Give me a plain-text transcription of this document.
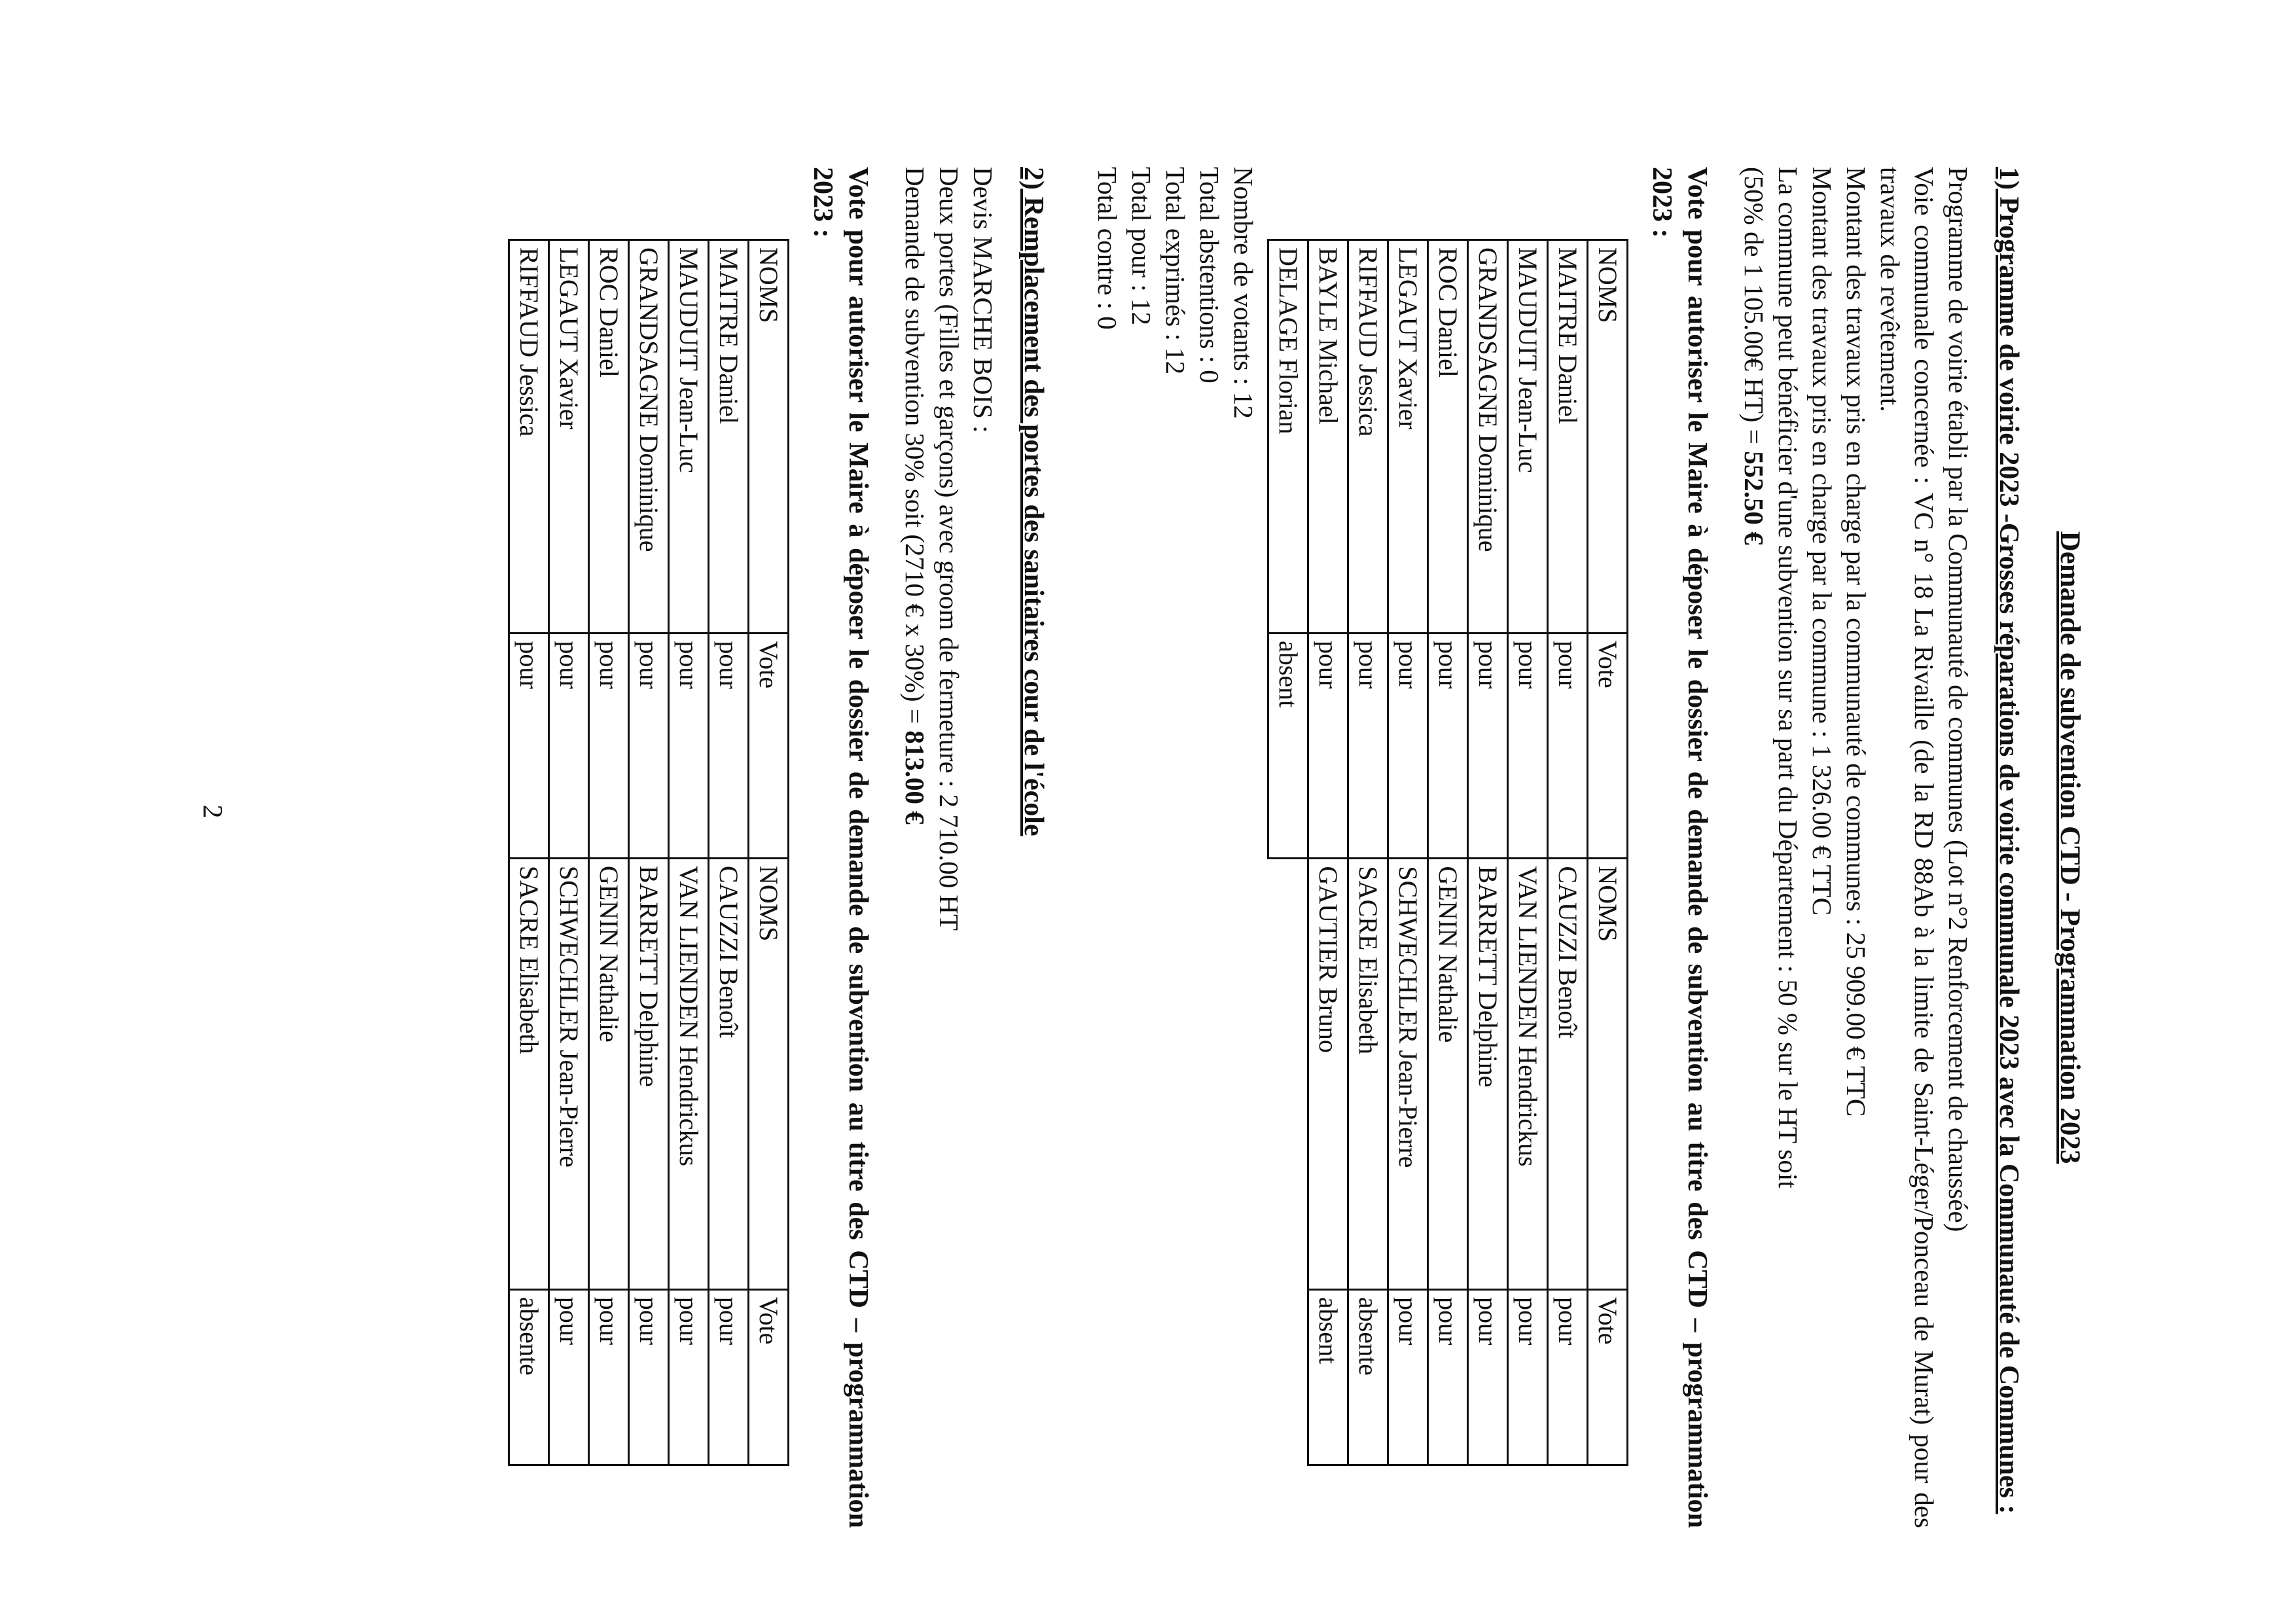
Demande de subvention CTD - Programmation 2023
1) Programme de voirie 2023 -Grosses réparations de voirie communale 2023 avec la Communauté de Communes :

Programme de voirie établi par la Communauté de communes (Lot n°2 Renforcement de chaussée)

Voie communale concernée : VC n° 18 La Rivaille (de la RD 88Ab à la limite de Saint-Léger/Ponceau de Murat) pour des travaux de revêtement.

Montant des travaux pris en charge par la communauté de communes : 25 909.00 € TTC

Montant des travaux pris en charge par la commune : 1 326.00 € TTC

La commune peut bénéficier d'une subvention sur sa part du Département : 50 % sur le HT soit

(50% de 1 105.00€ HT) = 552.50 €

Vote pour autoriser le Maire à déposer le dossier de demande de subvention au titre des CTD – programmation 2023 :
NOMS	Vote	NOMS	Vote
MAITRE Daniel	pour	CAUZZI Benoît	pour
MAUDUIT Jean-Luc	pour	VAN LIENDEN Hendrickus	pour
GRANDSAGNE Dominique	pour	BARRETT Delphine	pour
ROC Daniel	pour	GENIN Nathalie	pour
LEGAUT Xavier	pour	SCHWECHLER Jean-Pierre	pour
RIFFAUD Jessica	pour	SACRE Elisabeth	absente
BAYLE Michael	pour	GAUTIER Bruno	absent
DELAGE Florian	absent		
Nombre de votants : 12
Total abstentions : 0
Total exprimés : 12
Total pour : 12
Total contre : 0
2) Remplacement des portes des sanitaires cour de l'école

Devis MARCHE BOIS :

Deux portes (Filles et garçons) avec groom de fermeture : 2 710.00 HT

Demande de subvention 30% soit (2710 € x 30%) = 813.00 €

Vote pour autoriser le Maire à déposer le dossier de demande de subvention au titre des CTD – programmation 2023 :
NOMS	Vote	NOMS	Vote
MAITRE Daniel	pour	CAUZZI Benoît	pour
MAUDUIT Jean-Luc	pour	VAN LIENDEN Hendrickus	pour
GRANDSAGNE Dominique	pour	BARRETT Delphine	pour
ROC Daniel	pour	GENIN Nathalie	pour
LEGAUT Xavier	pour	SCHWECHLER Jean-Pierre	pour
RIFFAUD Jessica	pour	SACRE Elisabeth	absente
2
